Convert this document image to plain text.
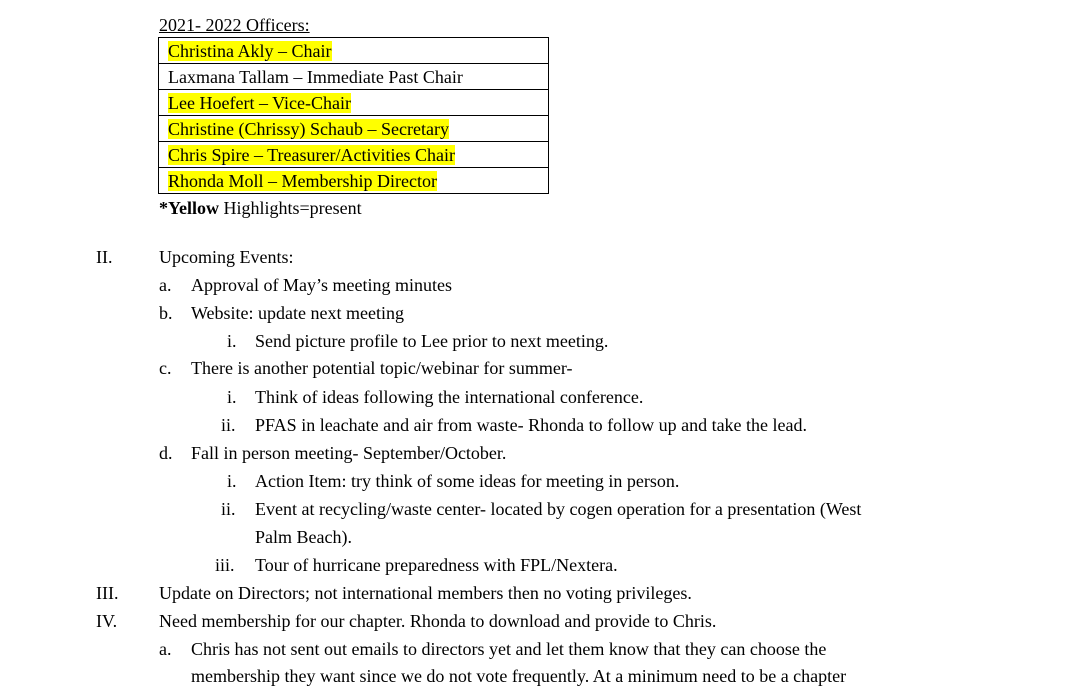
2021- 2022 Officers:
Christina Akly – Chair
Laxmana Tallam – Immediate Past Chair
Lee Hoefert – Vice-Chair
Christine (Chrissy) Schaub – Secretary
Chris Spire – Treasurer/Activities Chair
Rhonda Moll – Membership Director
*Yellow Highlights=present
II.	Upcoming Events:
a. Approval of May’s meeting minutes
b. Website: update next meeting
i. Send picture profile to Lee prior to next meeting.
c. There is another potential topic/webinar for summer-
i. Think of ideas following the international conference.
ii. PFAS in leachate and air from waste- Rhonda to follow up and take the lead.
d. Fall in person meeting- September/October.
i. Action Item: try think of some ideas for meeting in person.
ii. Event at recycling/waste center- located by cogen operation for a presentation (West
Palm Beach).
iii. Tour of hurricane preparedness with FPL/Nextera.
III. Update on Directors; not international members then no voting privileges.
IV. Need membership for our chapter. Rhonda to download and provide to Chris.
a. Chris has not sent out emails to directors yet and let them know that they can choose the
membership they want since we do not vote frequently. At a minimum need to be a chapter
